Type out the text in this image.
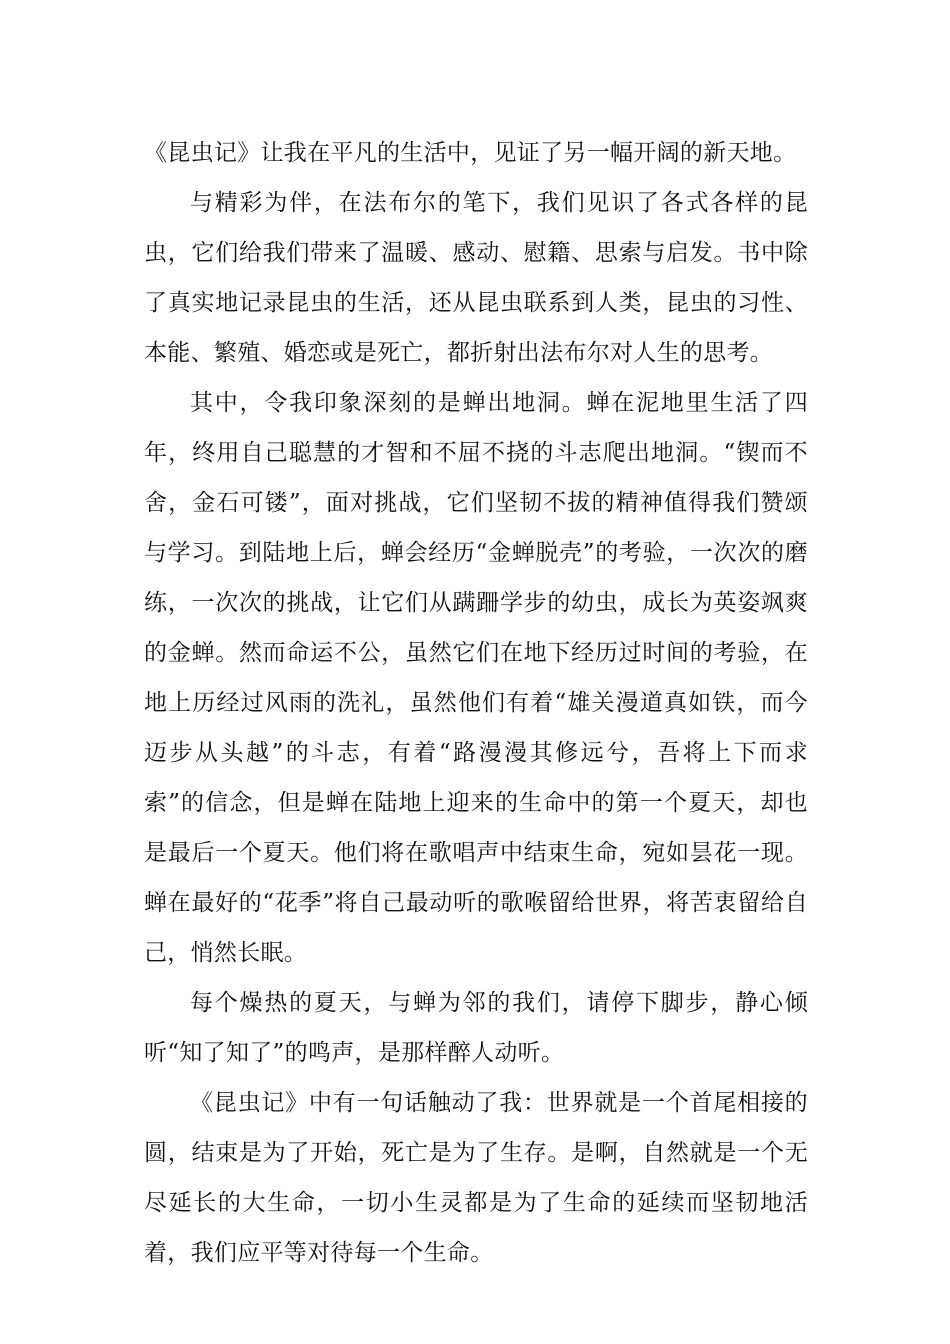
《昆虫记》让我在平凡的生活中，见证了另一幅开阔的新天地。

与精彩为伴，在法布尔的笔下，我们见识了各式各样的昆虫，它们给我们带来了温暖、感动、慰籍、思索与启发。书中除了真实地记录昆虫的生活，还从昆虫联系到人类，昆虫的习性、本能、繁殖、婚恋或是死亡，都折射出法布尔对人生的思考。

其中，令我印象深刻的是蝉出地洞。蝉在泥地里生活了四年，终用自己聪慧的才智和不屈不挠的斗志爬出地洞。“锲而不舍，金石可镂”，面对挑战，它们坚韧不拔的精神值得我们赞颂与学习。到陆地上后，蝉会经历“金蝉脱壳”的考验，一次次的磨练，一次次的挑战，让它们从蹒跚学步的幼虫，成长为英姿飒爽的金蝉。然而命运不公，虽然它们在地下经历过时间的考验，在地上历经过风雨的洗礼，虽然他们有着“雄关漫道真如铁，而今迈步从头越”的斗志，有着“路漫漫其修远兮，吾将上下而求索”的信念，但是蝉在陆地上迎来的生命中的第一个夏天，却也是最后一个夏天。他们将在歌唱声中结束生命，宛如昙花一现。蝉在最好的“花季”将自己最动听的歌喉留给世界，将苦衷留给自己，悄然长眠。

每个燥热的夏天，与蝉为邻的我们，请停下脚步，静心倾听“知了知了”的鸣声，是那样醉人动听。

《昆虫记》中有一句话触动了我：世界就是一个首尾相接的圆，结束是为了开始，死亡是为了生存。是啊，自然就是一个无尽延长的大生命，一切小生灵都是为了生命的延续而坚韧地活着，我们应平等对待每一个生命。
